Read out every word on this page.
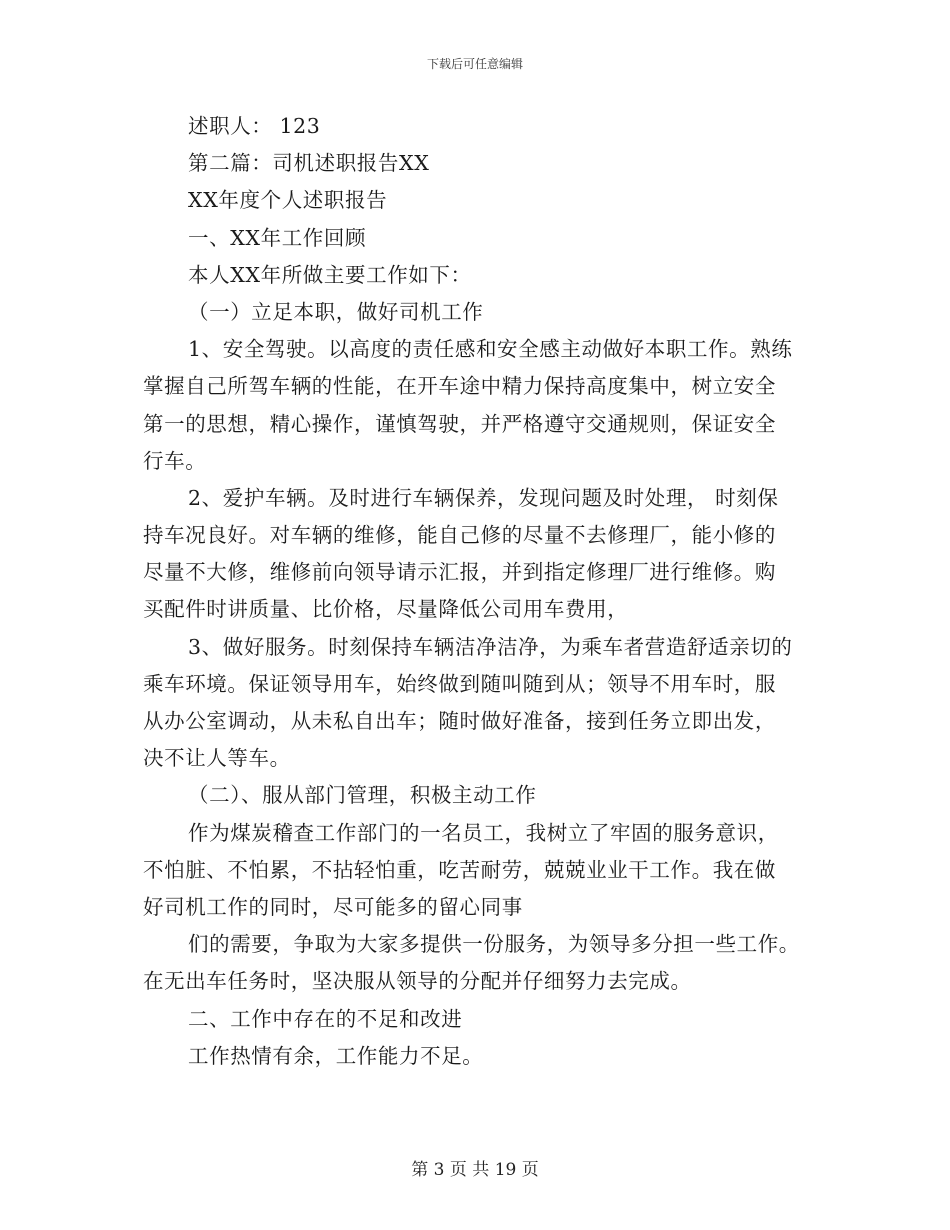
下载后可任意编辑
述职人： 123
第二篇：司机述职报告XX
XX年度个人述职报告
一、XX年工作回顾
本人XX年所做主要工作如下：
（一）立足本职，做好司机工作
1、安全驾驶。以高度的责任感和安全感主动做好本职工作。熟练
掌握自己所驾车辆的性能，在开车途中精力保持高度集中，树立安全
第一的思想，精心操作，谨慎驾驶，并严格遵守交通规则，保证安全
行车。
2、爱护车辆。及时进行车辆保养，发现问题及时处理， 时刻保
持车况良好。对车辆的维修，能自己修的尽量不去修理厂，能小修的
尽量不大修，维修前向领导请示汇报，并到指定修理厂进行维修。购
买配件时讲质量、比价格，尽量降低公司用车费用，
3、做好服务。时刻保持车辆洁净洁净，为乘车者营造舒适亲切的
乘车环境。保证领导用车，始终做到随叫随到从；领导不用车时，服
从办公室调动，从未私自出车；随时做好准备，接到任务立即出发，
决不让人等车。
（二）、服从部门管理，积极主动工作
作为煤炭稽查工作部门的一名员工，我树立了牢固的服务意识，
不怕脏、不怕累，不拈轻怕重，吃苦耐劳，兢兢业业干工作。我在做
好司机工作的同时，尽可能多的留心同事
们的需要，争取为大家多提供一份服务，为领导多分担一些工作。
在无出车任务时，坚决服从领导的分配并仔细努力去完成。
二、工作中存在的不足和改进
工作热情有余，工作能力不足。
第 3 页 共 19 页
